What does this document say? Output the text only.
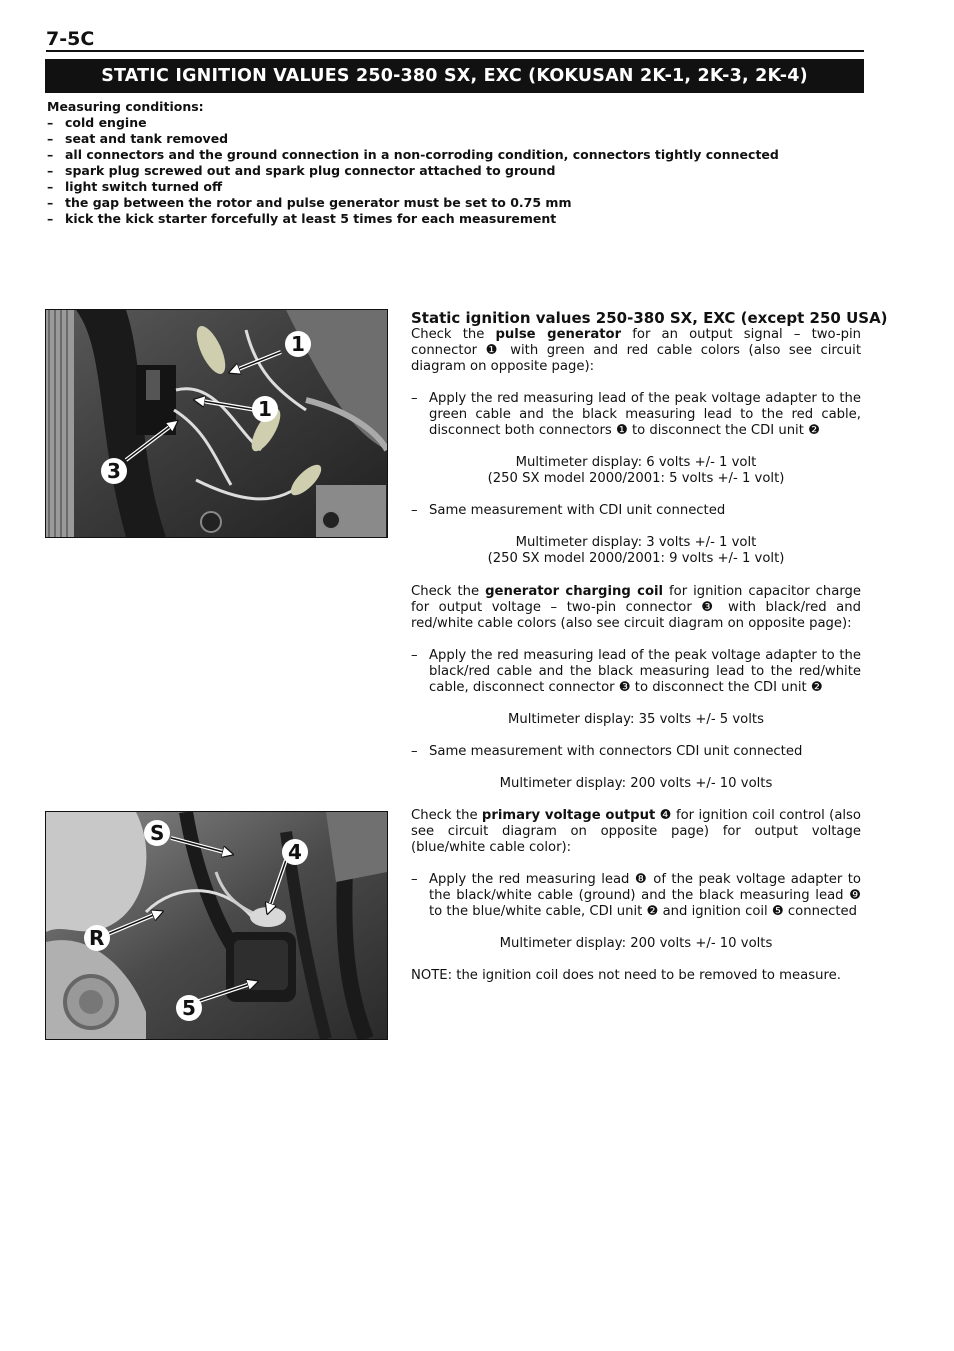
7-5C
STATIC IGNITION VALUES 250-380 SX, EXC (KOKUSAN 2K-1, 2K-3, 2K-4)
Measuring conditions:
– cold engine
– seat and tank removed
– all connectors and the ground connection in a non-corroding condition, connectors tightly connected
– spark plug screwed out and spark plug connector attached to ground
– light switch turned off
– the gap between the rotor and pulse generator must be set to 0.75 mm
– kick the kick starter forcefully at least 5 times for each measurement
1
1
3
S
4
R
5

Static ignition values 250-380 SX, EXC (except 250 USA)

Check the pulse generator for an output signal – two-pin connector ❶ with green and red cable colors (also see circuit diagram on opposite page):

– Apply the red measuring lead of the peak voltage adapter to the green cable and the black measuring lead to the red cable, disconnect both connectors ❶ to disconnect the CDI unit ❷

Multimeter display: 6 volts +/- 1 volt

(250 SX model 2000/2001: 5 volts +/- 1 volt)

– Same measurement with CDI unit connected

Multimeter display: 3 volts +/- 1 volt

(250 SX model 2000/2001: 9 volts +/- 1 volt)

Check the generator charging coil for ignition capacitor charge for output voltage – two-pin connector ❸ with black/red and red/white cable colors (also see circuit diagram on opposite page):

– Apply the red measuring lead of the peak voltage adapter to the black/red cable and the black measuring lead to the red/white cable, disconnect connector ❸ to disconnect the CDI unit ❷

Multimeter display: 35 volts +/- 5 volts

– Same measurement with connectors CDI unit connected

Multimeter display: 200 volts +/- 10 volts

Check the primary voltage output ❹ for ignition coil control (also see circuit diagram on opposite page) for output voltage (blue/white cable color):

– Apply the red measuring lead ❽ of the peak voltage adapter to the black/white cable (ground) and the black measuring lead ❾ to the blue/white cable, CDI unit ❷ and ignition coil ❺ connected

Multimeter display: 200 volts +/- 10 volts

NOTE: the ignition coil does not need to be removed to measure.
